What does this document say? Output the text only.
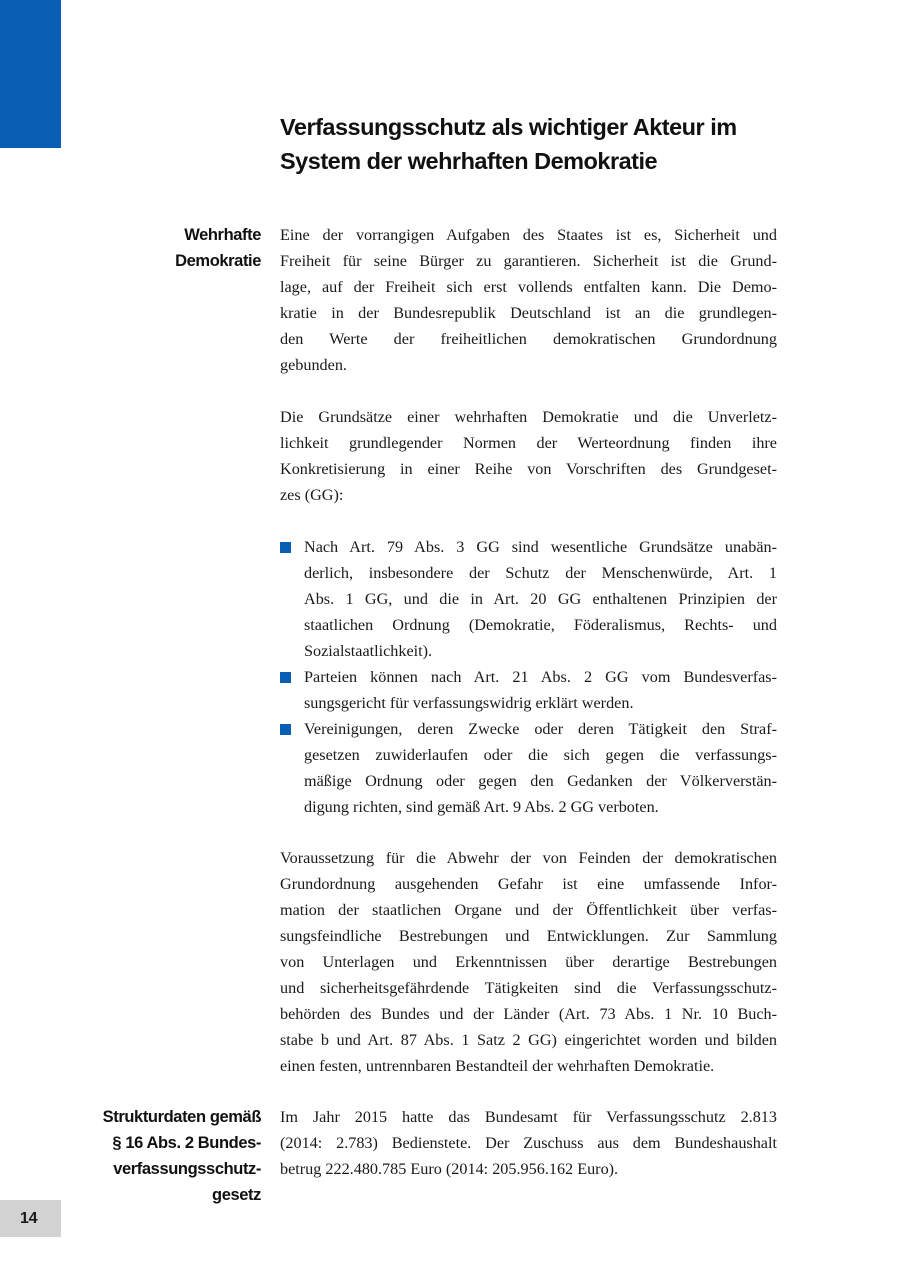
14
Verfassungsschutz als wichtiger Akteur im
System der wehrhaften Demokratie
Wehrhafte
Demokratie
Eine der vorrangigen Aufgaben des Staates ist es, Sicherheit und
Freiheit für seine Bürger zu garantieren. Sicherheit ist die Grund-
lage, auf der Freiheit sich erst vollends entfalten kann. Die Demo-
kratie in der Bundesrepublik Deutschland ist an die grundlegen-
den Werte der freiheitlichen demokratischen Grundordnung
gebunden.
Die Grundsätze einer wehrhaften Demokratie und die Unverletz-
lichkeit grundlegender Normen der Werteordnung finden ihre
Konkretisierung in einer Reihe von Vorschriften des Grundgeset-
zes (GG):
Nach Art. 79 Abs. 3 GG sind wesentliche Grundsätze unabän-
derlich, insbesondere der Schutz der Menschenwürde, Art. 1
Abs. 1 GG, und die in Art. 20 GG enthaltenen Prinzipien der
staatlichen Ordnung (Demokratie, Föderalismus, Rechts- und
Sozialstaatlichkeit).
Parteien können nach Art. 21 Abs. 2 GG vom Bundesverfas-
sungsgericht für verfassungswidrig erklärt werden.
Vereinigungen, deren Zwecke oder deren Tätigkeit den Straf-
gesetzen zuwiderlaufen oder die sich gegen die verfassungs-
mäßige Ordnung oder gegen den Gedanken der Völkerverstän-
digung richten, sind gemäß Art. 9 Abs. 2 GG verboten.
Voraussetzung für die Abwehr der von Feinden der demokratischen
Grundordnung ausgehenden Gefahr ist eine umfassende Infor-
mation der staatlichen Organe und der Öffentlichkeit über verfas-
sungsfeindliche Bestrebungen und Entwicklungen. Zur Sammlung
von Unterlagen und Erkenntnissen über derartige Bestrebungen
und sicherheitsgefährdende Tätigkeiten sind die Verfassungsschutz-
behörden des Bundes und der Länder (Art. 73 Abs. 1 Nr. 10 Buch-
stabe b und Art. 87 Abs. 1 Satz 2 GG) eingerichtet worden und bilden
einen festen, untrennbaren Bestandteil der wehrhaften Demokratie.
Strukturdaten gemäß
§ 16 Abs. 2 Bundes-
verfassungsschutz-
gesetz
Im Jahr 2015 hatte das Bundesamt für Verfassungsschutz 2.813
(2014: 2.783) Bedienstete. Der Zuschuss aus dem Bundeshaushalt
betrug 222.480.785 Euro (2014: 205.956.162 Euro).
